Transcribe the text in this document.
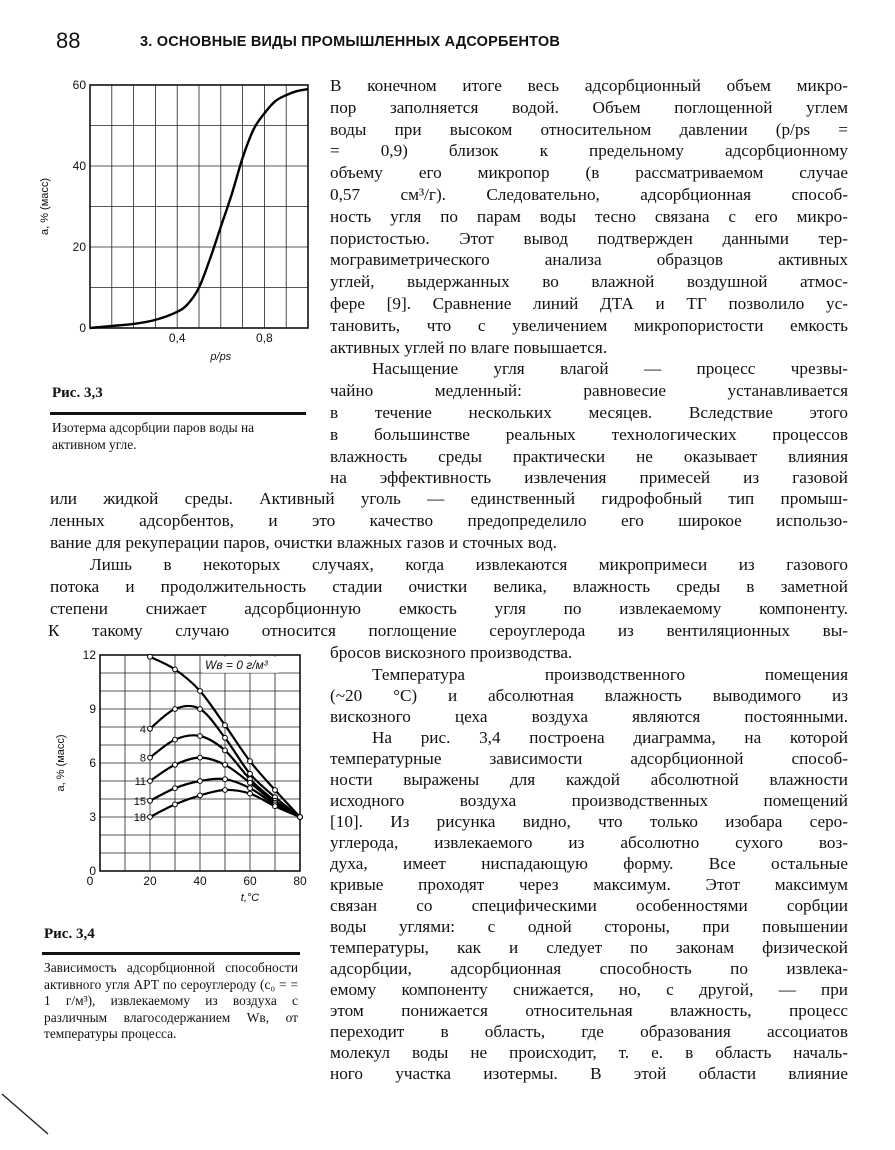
88	3. ОСНОВНЫЕ ВИДЫ ПРОМЫШЛЕННЫХ АДСОРБЕНТОВ
0
20
40
60
0,4	0,8
p/ps
a, % (масс)
Рис. 3,3

Изотерма адсорбции паров воды на активном угле.

0
3
6
9
12
0	20	40	60	80
t,°C
a, % (масс)
Wв = 0 г/м³
4
8
11
15
18
Рис. 3,4

Зависимость адсорбционной способности активного угля АРТ по сероуглероду (c₀ = = 1 г/м³), извлекаемому из воздуха с различным влагосодержанием Wв, от температуры процесса.

В конечном итоге весь адсорбционный объем микро-
пор заполняется водой. Объем поглощенной углем
воды при высоком относительном давлении (p/ps =
= 0,9) близок к предельному адсорбционному
объему его микропор (в рассматриваемом случае
0,57 см³/г). Следовательно, адсорбционная способ-
ность угля по парам воды тесно связана с его микро-
пористостью. Этот вывод подтвержден данными тер-
могравиметрического анализа образцов активных
углей, выдержанных во влажной воздушной атмос-
фере [9]. Сравнение линий ДТА и ТГ позволило ус-
тановить, что с увеличением микропористости емкость
активных углей по влаге повышается.
Насыщение угля влагой — процесс чрезвы-
чайно медленный: равновесие устанавливается
в течение нескольких месяцев. Вследствие этого
в большинстве реальных технологических процессов
влажность среды практически не оказывает влияния
на эффективность извлечения примесей из газовой
или жидкой среды. Активный уголь — единственный гидрофобный тип промыш-
ленных адсорбентов, и это качество предопределило его широкое использо-
вание для рекуперации паров, очистки влажных газов и сточных вод.
Лишь в некоторых случаях, когда извлекаются микропримеси из газового
потока и продолжительность стадии очистки велика, влажность среды в заметной
степени снижает адсорбционную емкость угля по извлекаемому компоненту.
К такому случаю относится поглощение сероуглерода из вентиляционных вы-
бросов вискозного производства.
Температура производственного помещения
(~20 °C) и абсолютная влажность выводимого из
вискозного цеха воздуха являются постоянными.
На рис. 3,4 построена диаграмма, на которой
температурные зависимости адсорбционной способ-
ности выражены для каждой абсолютной влажности
исходного воздуха производственных помещений
[10]. Из рисунка видно, что только изобара серо-
углерода, извлекаемого из абсолютно сухого воз-
духа, имеет ниспадающую форму. Все остальные
кривые проходят через максимум. Этот максимум
связан со специфическими особенностями сорбции
воды углями: с одной стороны, при повышении
температуры, как и следует по законам физической
адсорбции, адсорбционная способность по извлека-
емому компоненту снижается, но, с другой, — при
этом понижается относительная влажность, процесс
переходит в область, где образования ассоциатов
молекул воды не происходит, т. е. в область началь-
ного участка изотермы. В этой области влияние
